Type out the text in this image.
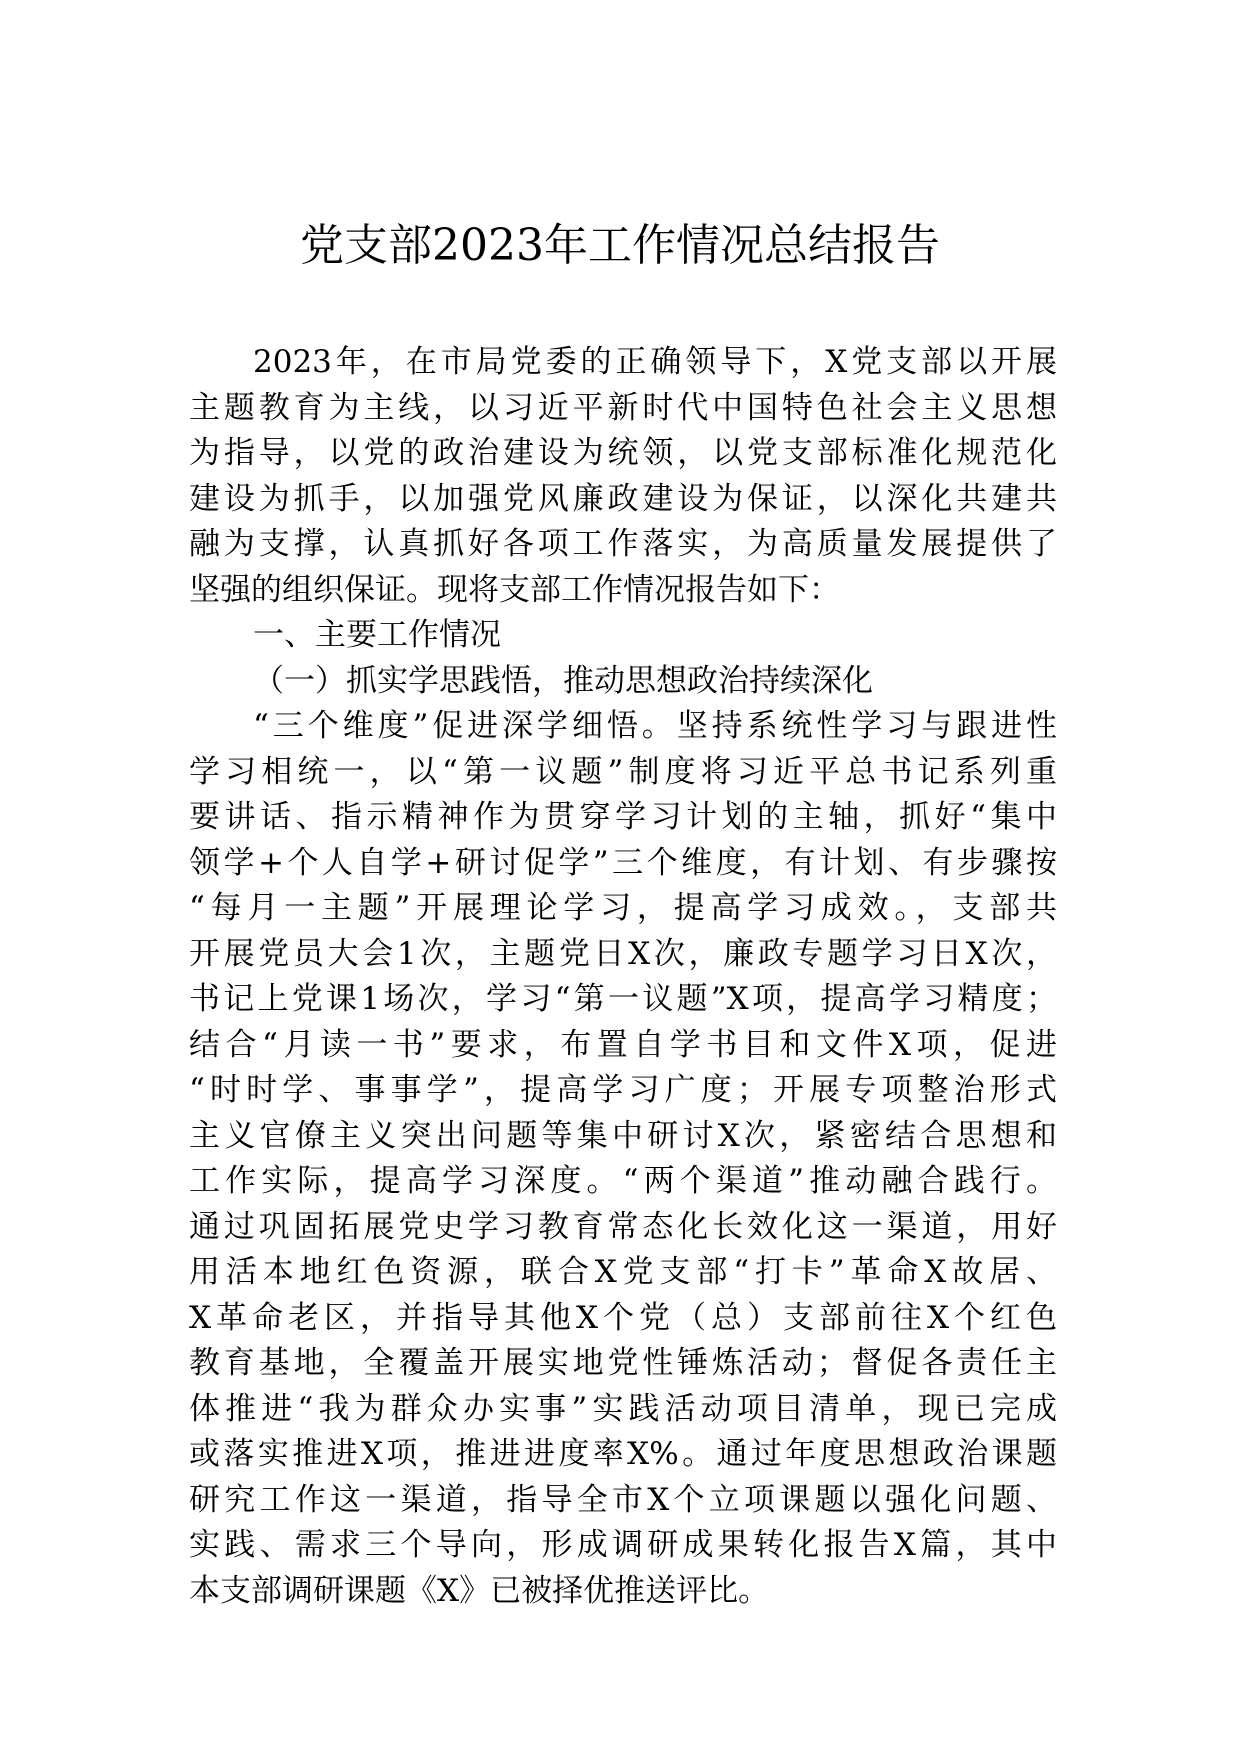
党支部2023年工作情况总结报告
2023年，在市局党委的正确领导下，X党支部以开展
主题教育为主线，以习近平新时代中国特色社会主义思想
为指导，以党的政治建设为统领，以党支部标准化规范化
建设为抓手，以加强党风廉政建设为保证，以深化共建共
融为支撑，认真抓好各项工作落实，为高质量发展提供了
坚强的组织保证。现将支部工作情况报告如下：
一、主要工作情况
（一）抓实学思践悟，推动思想政治持续深化
“三个维度”促进深学细悟。坚持系统性学习与跟进性
学习相统一，以“第一议题”制度将习近平总书记系列重
要讲话、指示精神作为贯穿学习计划的主轴，抓好“集中
领学+个人自学+研讨促学”三个维度，有计划、有步骤按
“每月一主题”开展理论学习，提高学习成效。，支部共
开展党员大会1次，主题党日X次，廉政专题学习日X次，
书记上党课1场次，学习“第一议题”X项，提高学习精度；
结合“月读一书”要求，布置自学书目和文件X项，促进
“时时学、事事学”，提高学习广度；开展专项整治形式
主义官僚主义突出问题等集中研讨X次，紧密结合思想和
工作实际，提高学习深度。“两个渠道”推动融合践行。
通过巩固拓展党史学习教育常态化长效化这一渠道，用好
用活本地红色资源，联合X党支部“打卡”革命X故居、
X革命老区，并指导其他X个党（总）支部前往X个红色
教育基地，全覆盖开展实地党性锤炼活动；督促各责任主
体推进“我为群众办实事”实践活动项目清单，现已完成
或落实推进X项，推进进度率X%。通过年度思想政治课题
研究工作这一渠道，指导全市X个立项课题以强化问题、
实践、需求三个导向，形成调研成果转化报告X篇，其中
本支部调研课题《X》已被择优推送评比。
